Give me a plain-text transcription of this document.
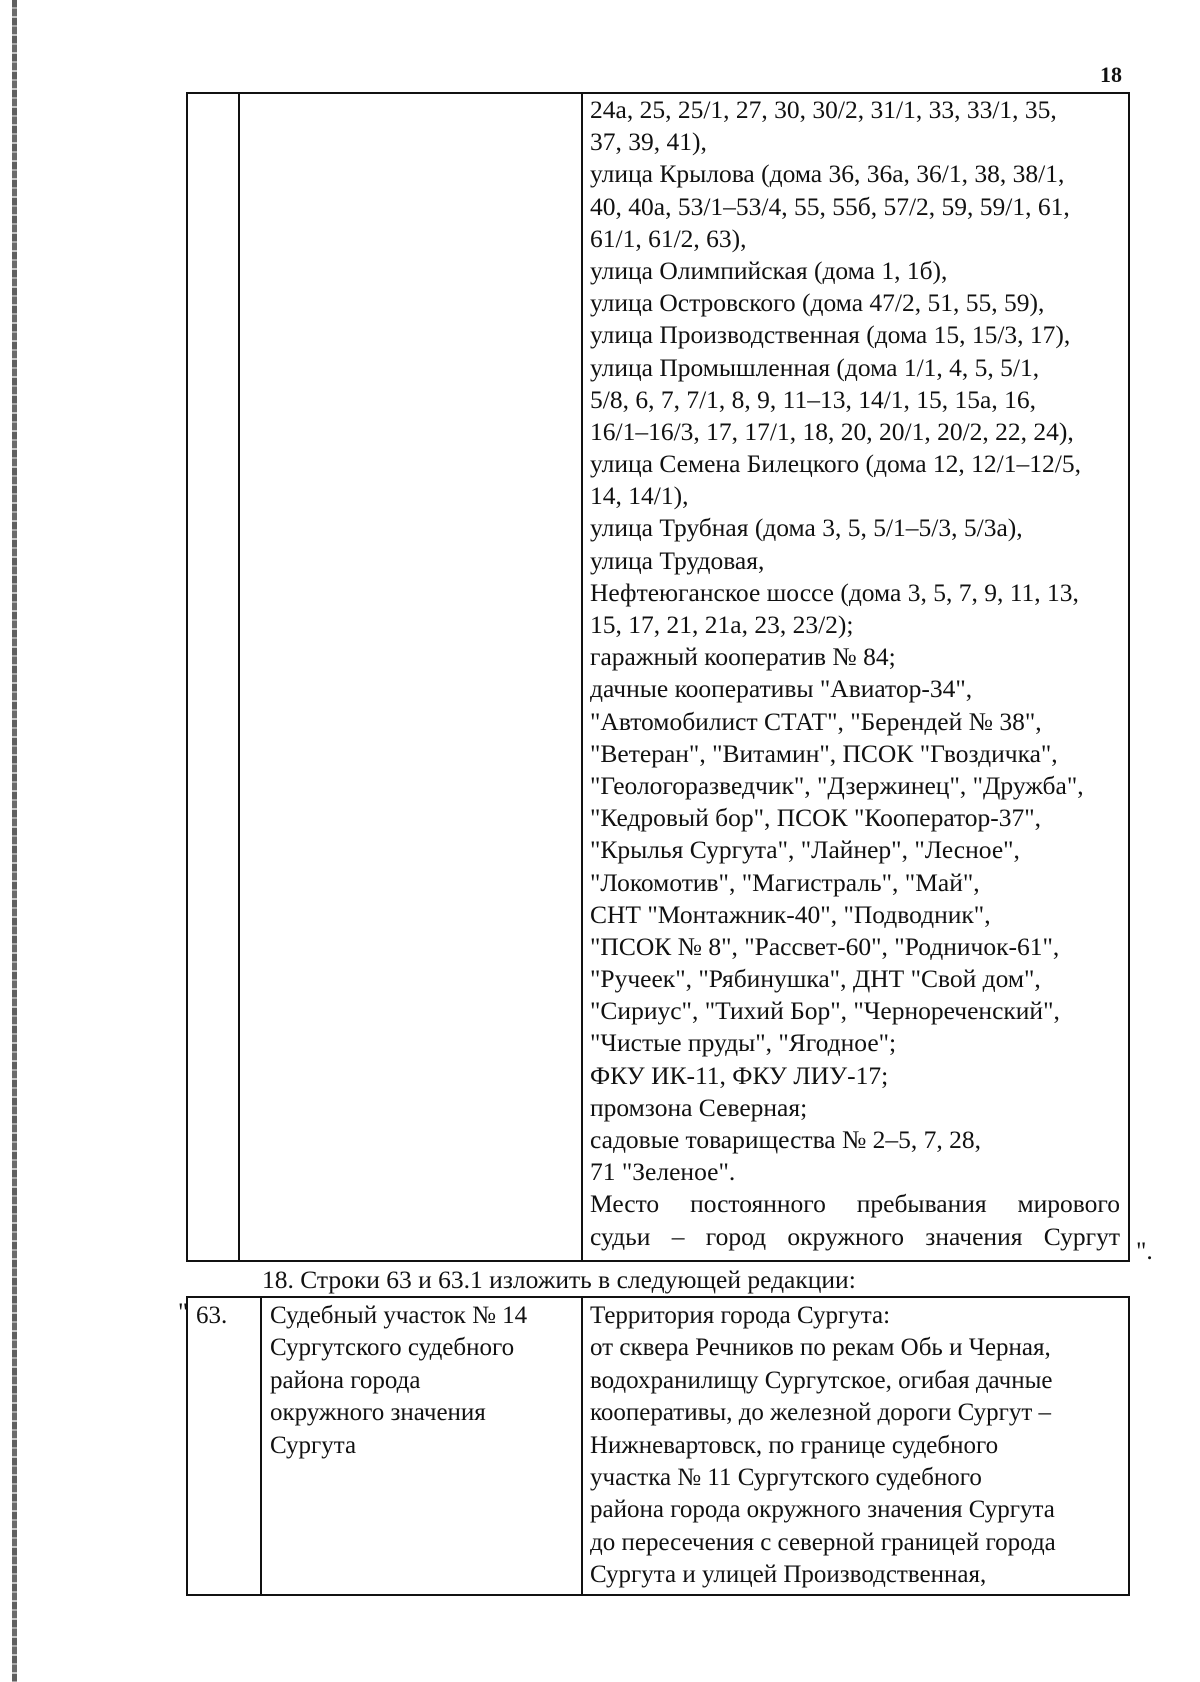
18
24а, 25, 25/1, 27, 30, 30/2, 31/1, 33, 33/1, 35,
37, 39, 41),
улица Крылова (дома 36, 36а, 36/1, 38, 38/1,
40, 40а, 53/1–53/4, 55, 55б, 57/2, 59, 59/1, 61,
61/1, 61/2, 63),
улица Олимпийская (дома 1, 1б),
улица Островского (дома 47/2, 51, 55, 59),
улица Производственная (дома 15, 15/3, 17),
улица Промышленная (дома 1/1, 4, 5, 5/1,
5/8, 6, 7, 7/1, 8, 9, 11–13, 14/1, 15, 15а, 16,
16/1–16/3, 17, 17/1, 18, 20, 20/1, 20/2, 22, 24),
улица Семена Билецкого (дома 12, 12/1–12/5,
14, 14/1),
улица Трубная (дома 3, 5, 5/1–5/3, 5/3а),
улица Трудовая,
Нефтеюганское шоссе (дома 3, 5, 7, 9, 11, 13,
15, 17, 21, 21а, 23, 23/2);
гаражный кооператив № 84;
дачные кооперативы "Авиатор-34",
"Автомобилист СТАТ", "Берендей № 38",
"Ветеран", "Витамин", ПСОК "Гвоздичка",
"Геологоразведчик", "Дзержинец", "Дружба",
"Кедровый бор", ПСОК "Кооператор-37",
"Крылья Сургута", "Лайнер", "Лесное",
"Локомотив", "Магистраль", "Май",
СНТ "Монтажник-40", "Подводник",
"ПСОК № 8", "Рассвет-60", "Родничок-61",
"Ручеек", "Рябинушка", ДНТ "Свой дом",
"Сириус", "Тихий Бор", "Чернореченский",
"Чистые пруды", "Ягодное";
ФКУ ИК-11, ФКУ ЛИУ-17;
промзона Северная;
садовые товарищества № 2–5, 7, 28,
71 "Зеленое".
Место постоянного пребывания мирового
судьи – город окружного значения Сургут ".
18. Строки 63 и 63.1 изложить в следующей редакции:
" 63. Судебный участок № 14
Сургутского судебного
района города
окружного значения
Сургута
Территория города Сургута:
от сквера Речников по рекам Обь и Черная,
водохранилищу Сургутское, огибая дачные
кооперативы, до железной дороги Сургут –
Нижневартовск, по границе судебного
участка № 11 Сургутского судебного
района города окружного значения Сургута
до пересечения с северной границей города
Сургута и улицей Производственная,
